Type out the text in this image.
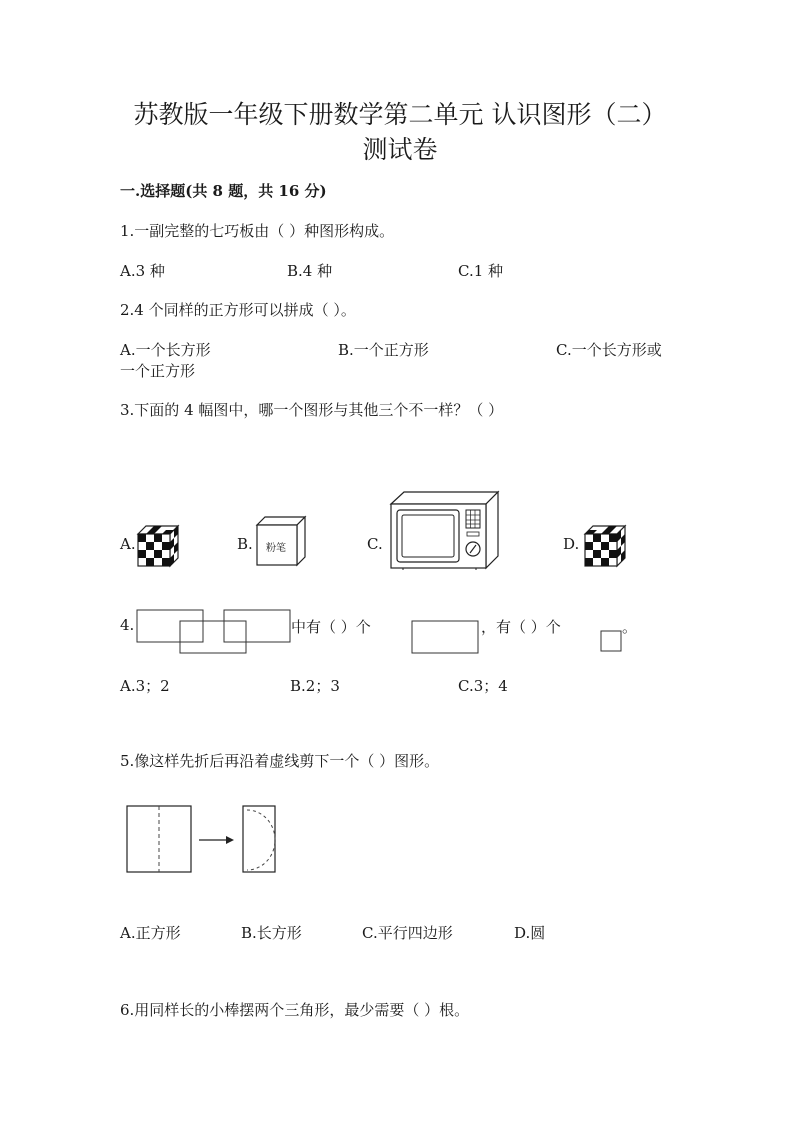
苏教版一年级下册数学第二单元 认识图形（二）
测试卷
一.选择题(共 8 题，共 16 分)
1.一副完整的七巧板由（ ）种图形构成。
A.3 种	B.4 种	C.1 种
2.4 个同样的正方形可以拼成（ ）。
A.一个长方形	B.一个正方形	C.一个长方形或
一个正方形
3.下面的 4 幅图中，哪一个图形与其他三个不一样？（ ）
A.	B.	C.	D.
粉笔
4.	中有（ ）个	，有（ ）个	。
A.3；2	B.2；3	C.3；4
5.像这样先折后再沿着虚线剪下一个（ ）图形。
A.正方形	B.长方形	C.平行四边形	D.圆
6.用同样长的小棒摆两个三角形，最少需要（ ）根。
